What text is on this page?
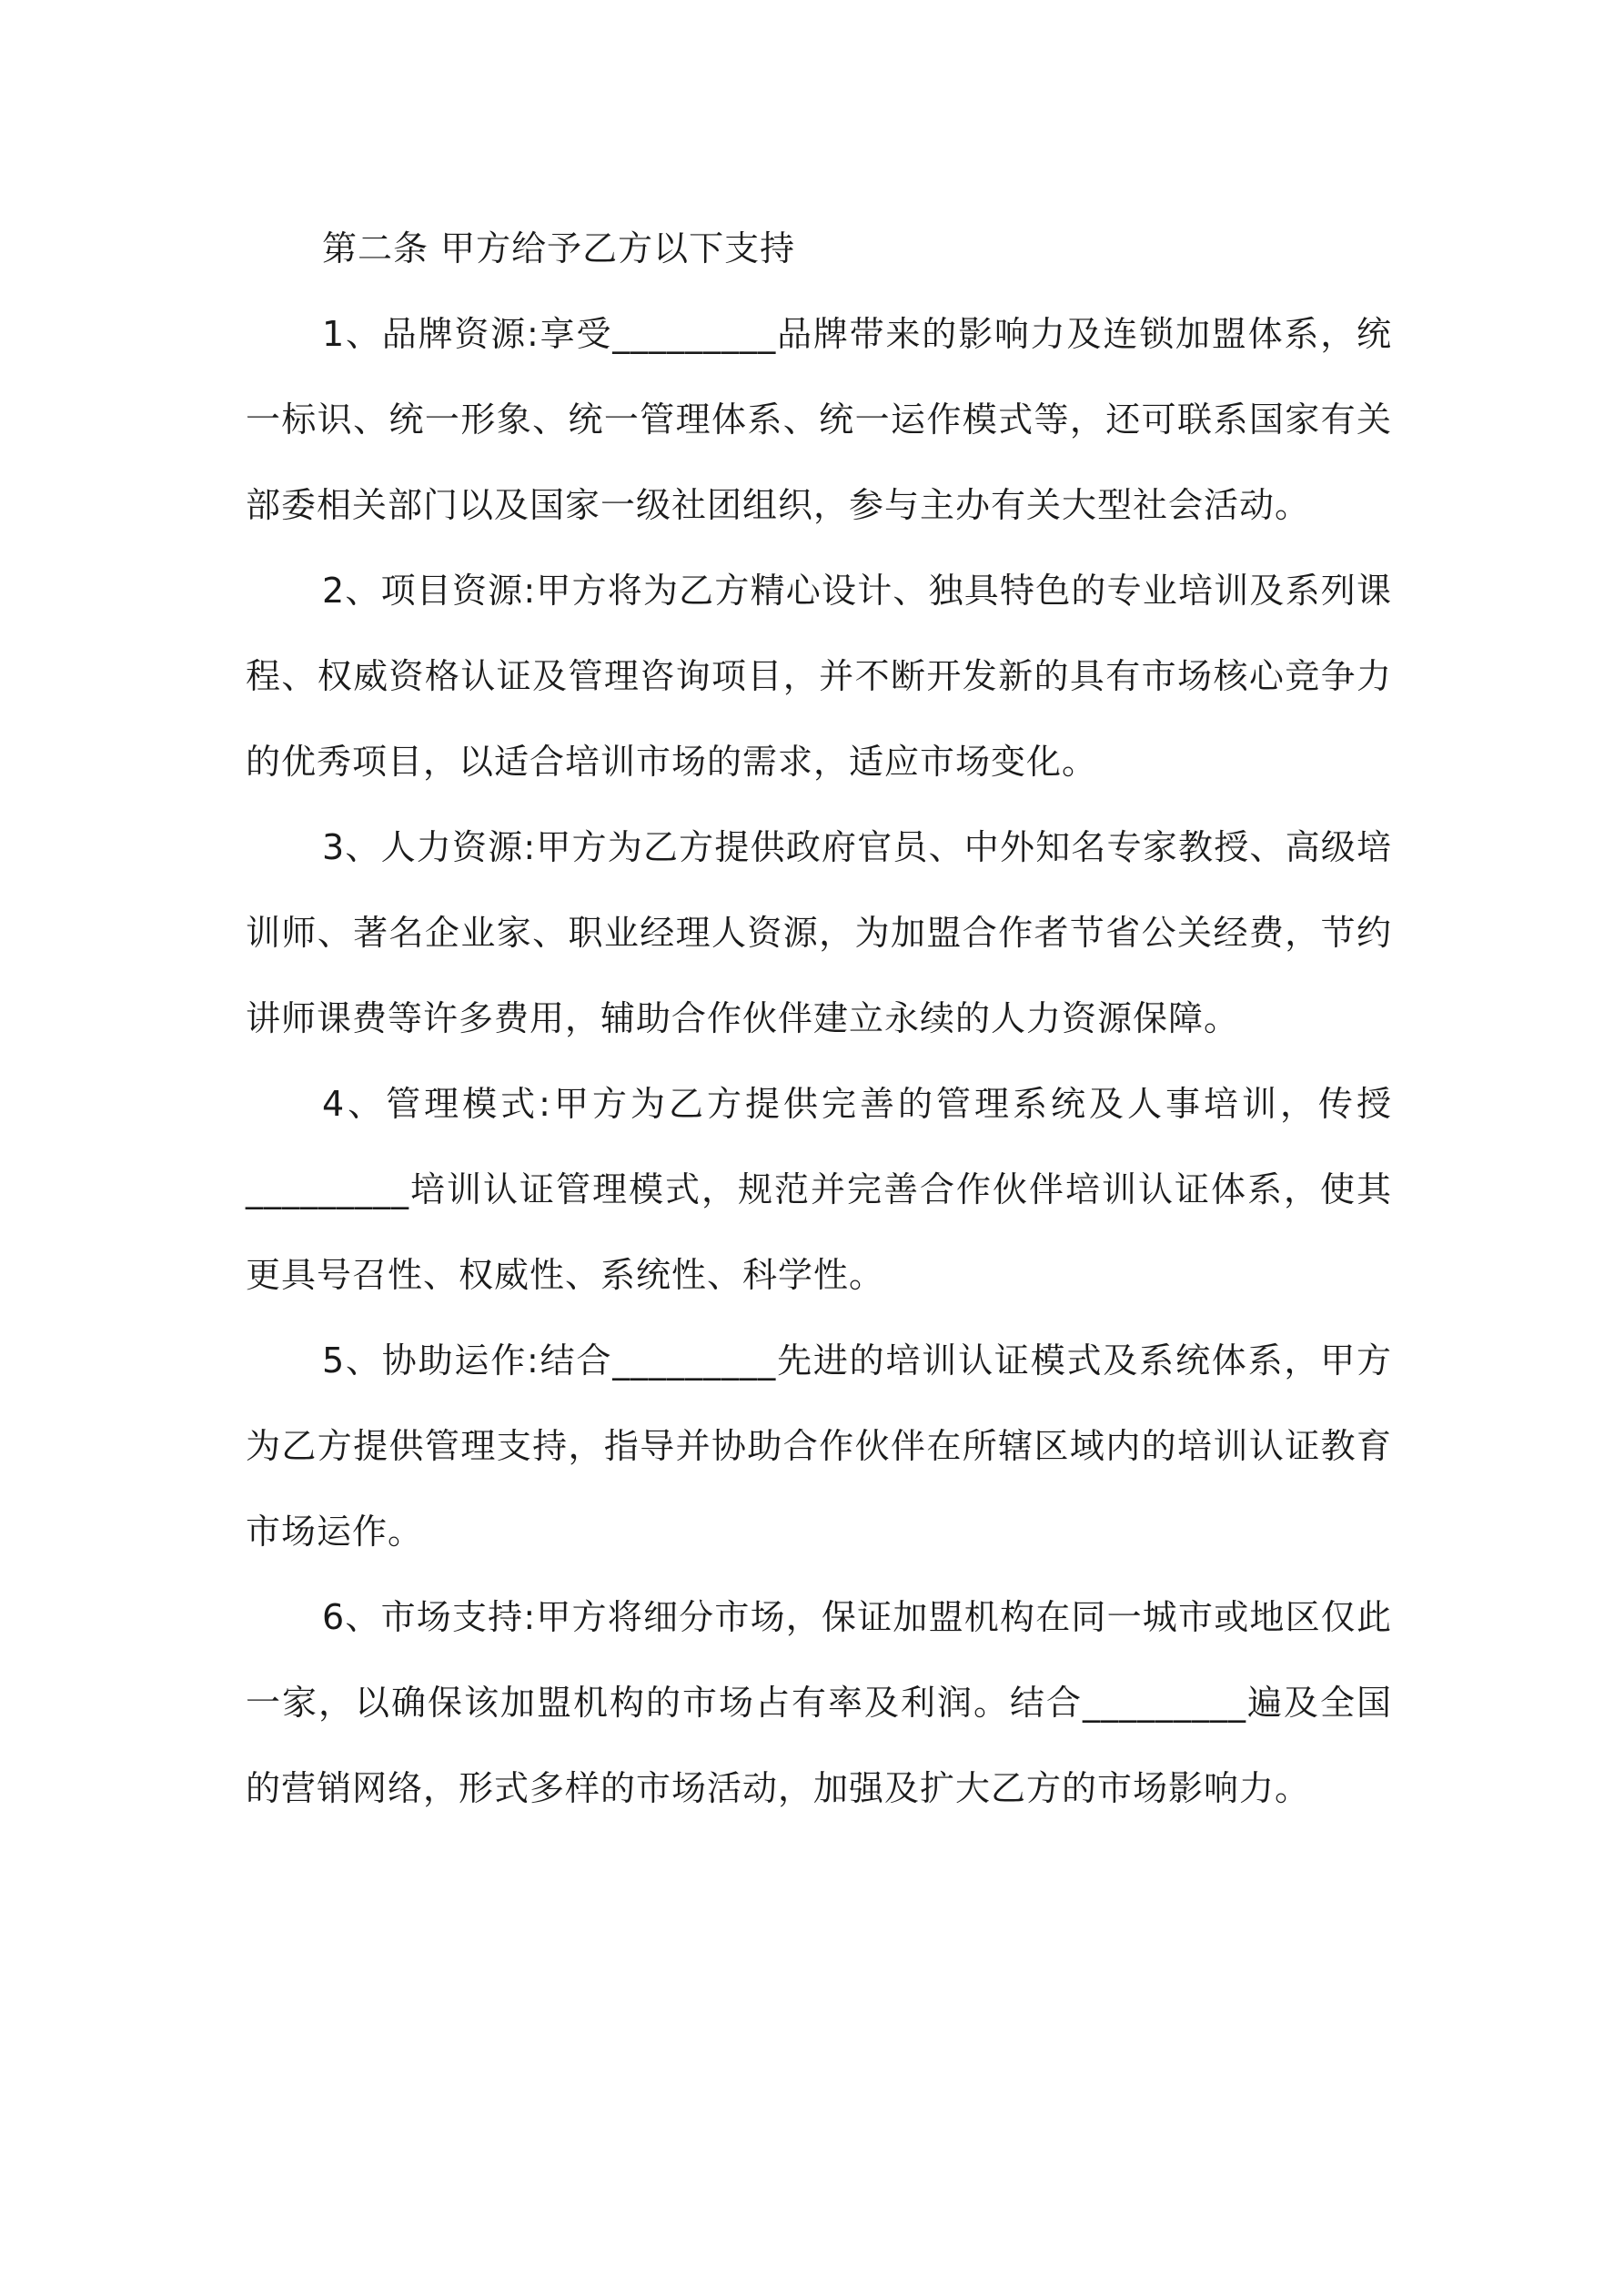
第二条 甲方给予乙方以下支持

1、品牌资源:享受_________品牌带来的影响力及连锁加盟体系，统一标识、统一形象、统一管理体系、统一运作模式等，还可联系国家有关部委相关部门以及国家一级社团组织，参与主办有关大型社会活动。

2、项目资源:甲方将为乙方精心设计、独具特色的专业培训及系列课程、权威资格认证及管理咨询项目，并不断开发新的具有市场核心竞争力的优秀项目，以适合培训市场的需求，适应市场变化。

3、人力资源:甲方为乙方提供政府官员、中外知名专家教授、高级培训师、著名企业家、职业经理人资源，为加盟合作者节省公关经费，节约讲师课费等许多费用，辅助合作伙伴建立永续的人力资源保障。

4、管理模式:甲方为乙方提供完善的管理系统及人事培训，传授_________培训认证管理模式，规范并完善合作伙伴培训认证体系，使其更具号召性、权威性、系统性、科学性。

5、协助运作:结合_________先进的培训认证模式及系统体系，甲方为乙方提供管理支持，指导并协助合作伙伴在所辖区域内的培训认证教育市场运作。

6、市场支持:甲方将细分市场，保证加盟机构在同一城市或地区仅此一家，以确保该加盟机构的市场占有率及利润。结合_________遍及全国的营销网络，形式多样的市场活动，加强及扩大乙方的市场影响力。
